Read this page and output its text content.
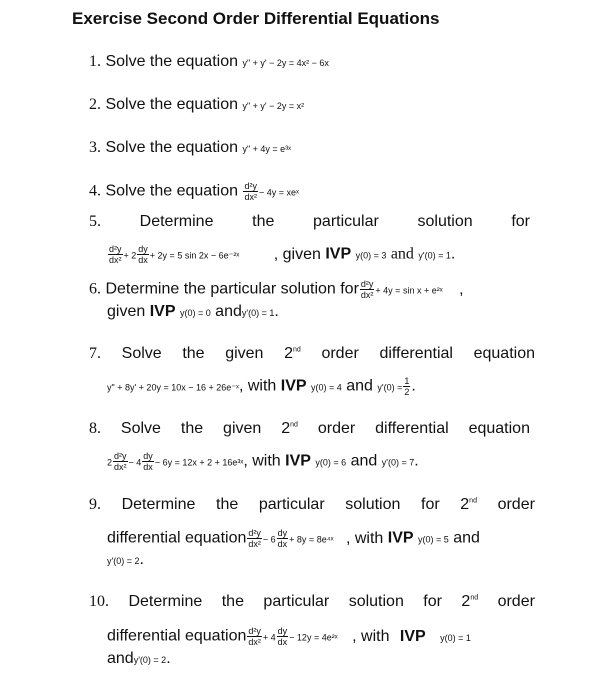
Exercise Second Order Differential Equations
1. Solve the equation y" + y' − 2y = 4x² − 6x
2. Solve the equation y" + y' − 2y = x²
3. Solve the equation y" + 4y = e³ˣ
4. Solve the equation $\frac{\text{d²y}}{\text{dx²}} - 4y$ = xeˣ
5. Determine the particular solution for
$\frac{\text{d²y}}{\text{dx²}} + 2 \frac{dy}{dx} + 2y = 5$ sin 2x − 6e⁻²ˣ , given IVP y(0) = 3 and y'(0) = 1.
6. Determine the particular solution for $\frac{\text{d²y}}{\text{dx²}} + 4y = \sin x$ + e²ˣ ,
given IVP y(0) = 0 andy'(0) = 1.
7. Solve the given 2nd order differential equation
y" + 8y' + 20y = 10x − 16 + 26e⁻ˣ, with IVP y(0) = 4 and $y'(0) = \frac{1}{2}$ .
8. Solve the given 2nd order differential equation
$2 \frac{\text{d²y}}{\text{dx²}} - 4 \frac{dy}{dx} - 6y = 12x + 2$ + 16e³ˣ, with IVP y(0) = 6 and y'(0) = 7.
9. Determine the particular solution for 2nd order
differential equation $\frac{\text{d²y}}{\text{dx²}} - 6 \frac{dy}{dx} + 8y$ = 8e⁴ˣ , with IVP y(0) = 5 and
y'(0) = 2.
10. Determine the particular solution for 2nd order
differential equation $\frac{\text{d²y}}{\text{dx²}} + 4 \frac{dy}{dx} - 12y$ = 4e²ˣ , with IVP y(0) = 1
andy'(0) = 2.
